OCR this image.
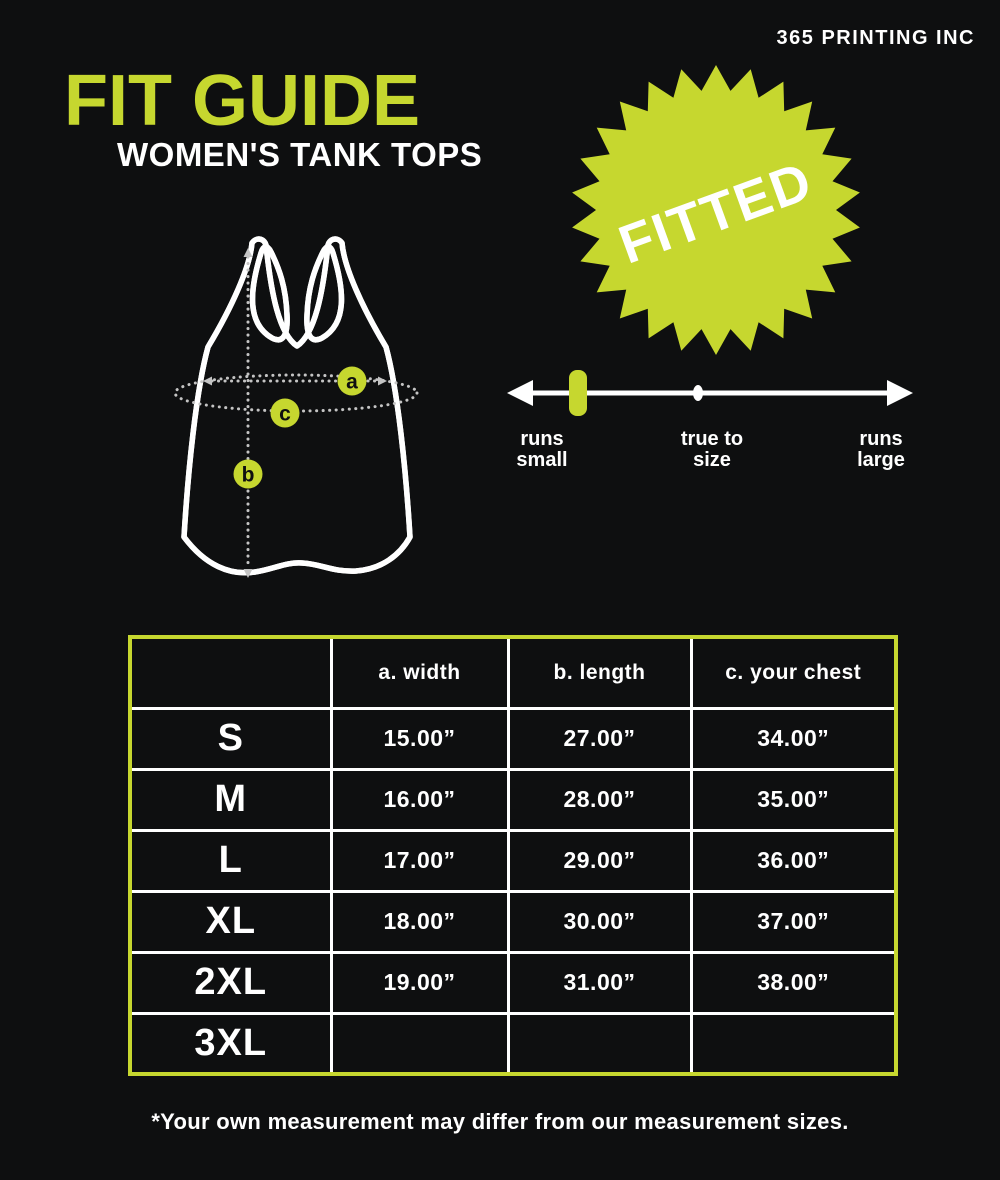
365 PRINTING INC
FIT GUIDE
WOMEN'S TANK TOPS FITTED
a
c
b
runs
small
true to
size
runs
large
	a. width	b. length	c. your chest
S	15.00”	27.00”	34.00”
M	16.00”	28.00”	35.00”
L	17.00”	29.00”	36.00”
XL	18.00”	30.00”	37.00”
2XL	19.00”	31.00”	38.00”
3XL			

*Your own measurement may differ from our measurement sizes.
